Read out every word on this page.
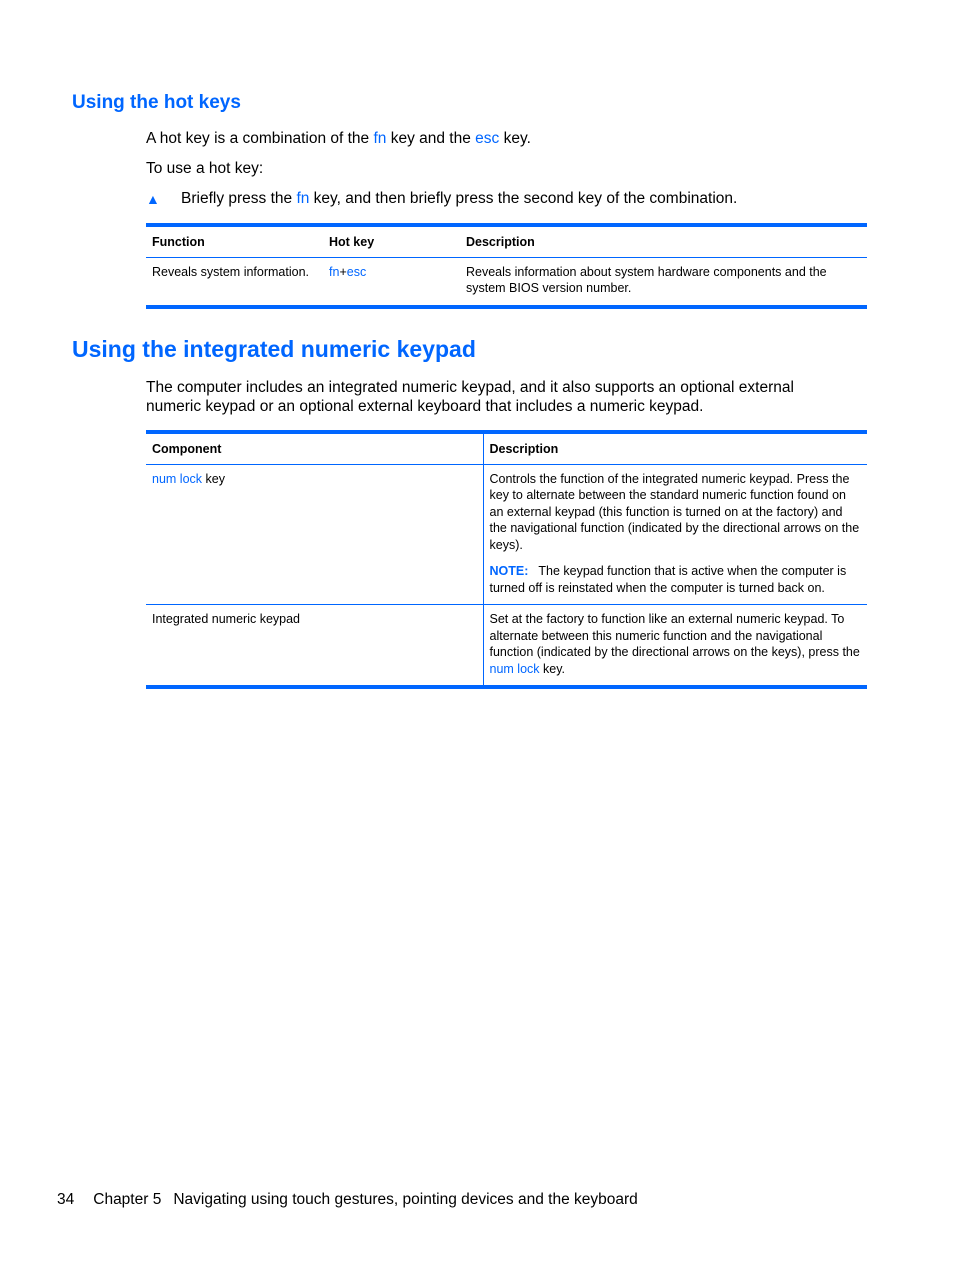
Using the hot keys

A hot key is a combination of the fn key and the esc key.

To use a hot key:

▲ Briefly press the fn key, and then briefly press the second key of the combination.
Function	Hot key	Description
Reveals system information.	fn+esc	Reveals information about system hardware components and the system BIOS version number.
Using the integrated numeric keypad

The computer includes an integrated numeric keypad, and it also supports an optional external numeric keypad or an optional external keyboard that includes a numeric keypad.

Component	Description
num lock key	Controls the function of the integrated numeric keypad. Press the key to alternate between the standard numeric function found on an external keypad (this function is turned on at the factory) and the navigational function (indicated by the directional arrows on the keys).
NOTE: The keypad function that is active when the computer is turned off is reinstated when the computer is turned back on.

Integrated numeric keypad	Set at the factory to function like an external numeric keypad. To alternate between this numeric function and the navigational function (indicated by the directional arrows on the keys), press the num lock key.
34 Chapter 5 Navigating using touch gestures, pointing devices and the keyboard
